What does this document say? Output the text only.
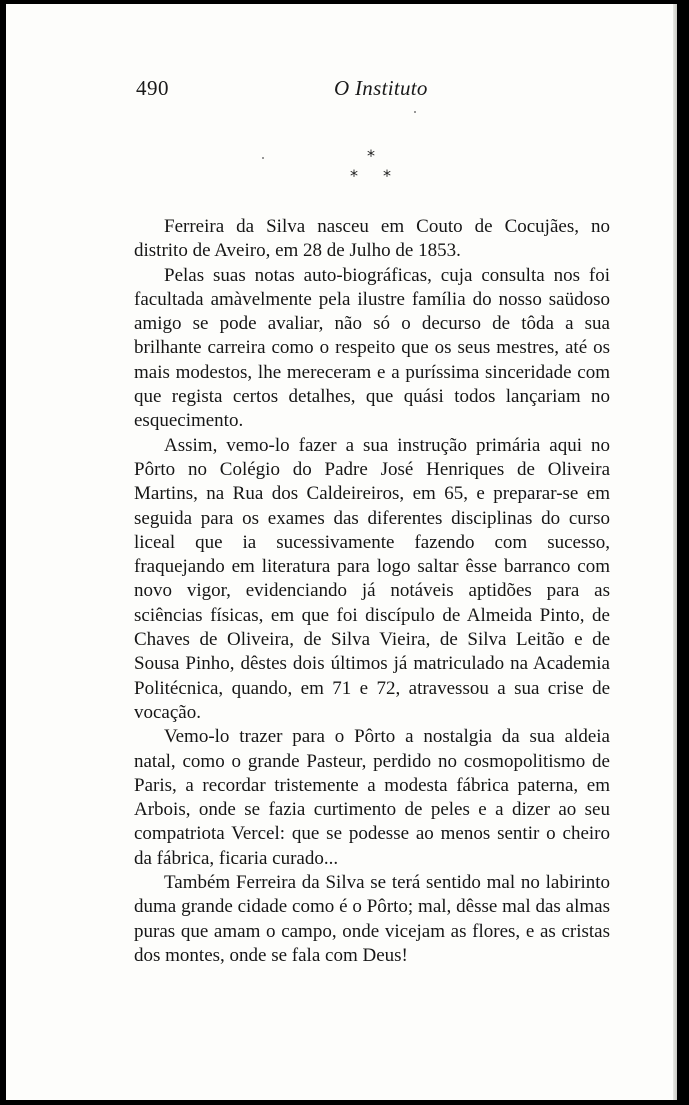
490	O Instituto
*
* *

Ferreira da Silva nasceu em Couto de Cocujães, no distrito de Aveiro, em 28 de Julho de 1853.

Pelas suas notas auto-biográficas, cuja consulta nos foi facultada amàvelmente pela ilustre família do nosso saüdoso amigo se pode avaliar, não só o decurso de tôda a sua brilhante carreira como o respeito que os seus mestres, até os mais modestos, lhe mereceram e a puríssima sinceridade com que regista certos detalhes, que quási todos lançariam no esquecimento.

Assim, vemo-lo fazer a sua instrução primária aqui no Pôrto no Colégio do Padre José Henriques de Oliveira Martins, na Rua dos Caldeireiros, em 65, e preparar-se em seguida para os exames das diferentes disciplinas do curso liceal que ia sucessivamente fazendo com sucesso, fraquejando em literatura para logo saltar êsse barranco com novo vigor, evidenciando já notáveis aptidões para as sciências físicas, em que foi discípulo de Almeida Pinto, de Chaves de Oliveira, de Silva Vieira, de Silva Leitão e de Sousa Pinho, dêstes dois últimos já matriculado na Academia Politécnica, quando, em 71 e 72, atravessou a sua crise de vocação.

Vemo-lo trazer para o Pôrto a nostalgia da sua aldeia natal, como o grande Pasteur, perdido no cosmopolitismo de Paris, a recordar tristemente a modesta fábrica paterna, em Arbois, onde se fazia curtimento de peles e a dizer ao seu compatriota Vercel: que se podesse ao menos sentir o cheiro da fábrica, ficaria curado...

Também Ferreira da Silva se terá sentido mal no labirinto duma grande cidade como é o Pôrto; mal, dêsse mal das almas puras que amam o campo, onde vicejam as flores, e as cristas dos montes, onde se fala com Deus!
